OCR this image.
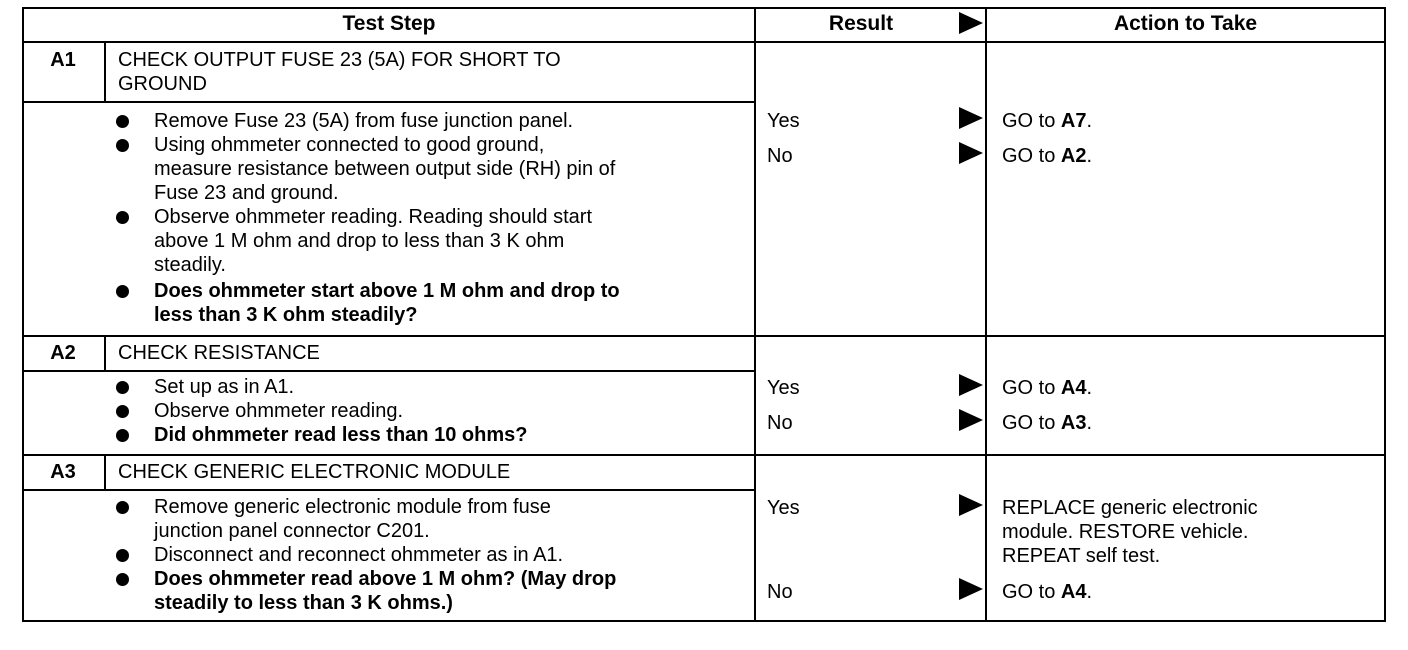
Test Step	Result	Action to Take
A1	CHECK OUTPUT FUSE 23 (5A) FOR SHORT TO
GROUND
Remove Fuse 23 (5A) from fuse junction panel.
Using ohmmeter connected to good ground,
measure resistance between output side (RH) pin of
Fuse 23 and ground.
Observe ohmmeter reading. Reading should start
above 1 M ohm and drop to less than 3 K ohm
steadily.
Does ohmmeter start above 1 M ohm and drop to
less than 3 K ohm steadily?
Yes	GO to A7.
No	GO to A2.
A2	CHECK RESISTANCE
Set up as in A1.
Observe ohmmeter reading.
Did ohmmeter read less than 10 ohms?
Yes	GO to A4.
No	GO to A3.
A3	CHECK GENERIC ELECTRONIC MODULE
Remove generic electronic module from fuse
junction panel connector C201.
Disconnect and reconnect ohmmeter as in A1.
Does ohmmeter read above 1 M ohm? (May drop
steadily to less than 3 K ohms.)
Yes	REPLACE generic electronic
module. RESTORE vehicle.
REPEAT self test.
No	GO to A4.
